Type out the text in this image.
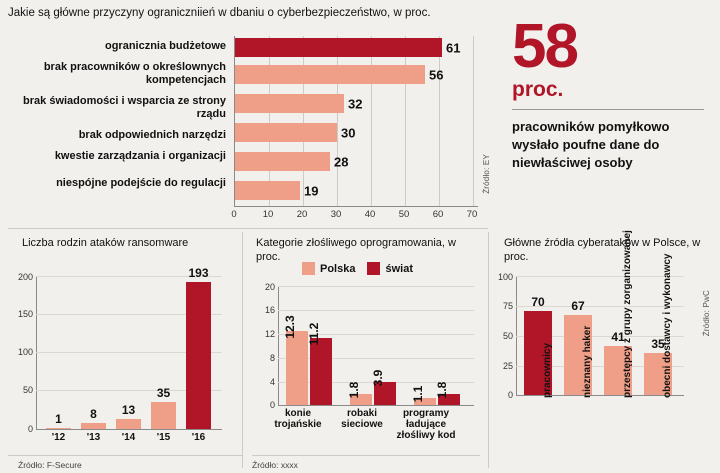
Jakie są główne przyczyny ograniczniień w dbaniu o cyberbezpieczeństwo, w proc.
ogranicznia budżetowe
brak pracowników o określownych kompetencjach
brak świadomości i wsparcia ze strony rządu
brak odpowiednich narzędzi
kwestie zarządzania i organizacji
niespójne podejście do regulacji
61
56
32
30
28
19
0	10 20 30 40 50 60 70
Źródło: EY
58
proc.
pracowników pomyłkowo wysłało poufne dane do niewłaściwej osoby
Liczba rodzin ataków ransomware
0
50
100
150
200
1
'12
8
'13
13
'14
35
'15
193
'16
Źródło: F-Secure
Kategorie złośliwego oprogramowania, w proc.
Polska	świat
0
4
8
12
16
20
12.3 11.2
konie trojańskie
1.8
3.9
robaki sieciowe
1.1 1.8
programy ładujące złośliwy kod
Źródło: xxxx
Główne źródła cyberataków w Polsce, w proc.
0
25
50
75
100
70
pracownicy
67
nieznany haker 41
przestępcy z grupy zorganizowanej 35
obecni dostawcy i wykonawcy	Źródło: PwC
